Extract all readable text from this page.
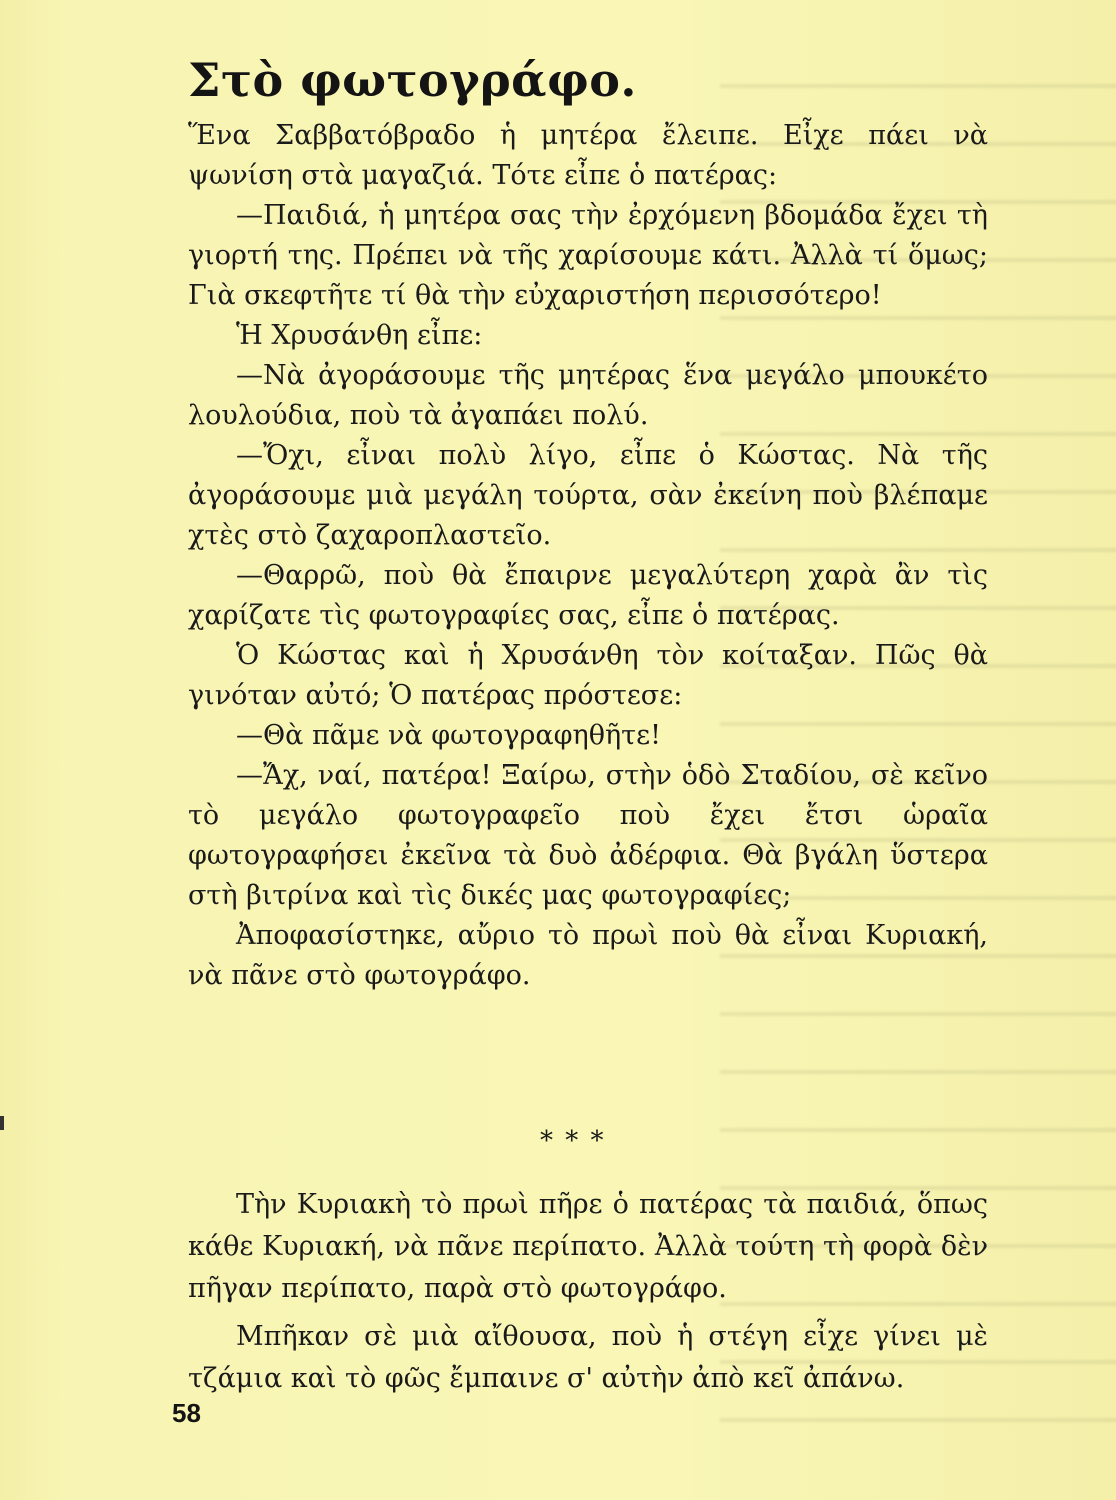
Στὸ φωτογράφο.

Ἕνα Σαββατόβραδο ἡ μητέρα ἔλειπε. Εἶχε πάει νὰ ψωνίση στὰ μαγαζιά. Τότε εἶπε ὁ πατέρας:

—Παιδιά, ἡ μητέρα σας τὴν ἐρχόμενη βδομάδα ἔχει τὴ γιορτή της. Πρέπει νὰ τῆς χαρίσουμε κάτι. Ἀλλὰ τί ὅμως; Γιὰ σκεφτῆτε τί θὰ τὴν εὐχαριστήση περισσότερο!

Ἡ Χρυσάνθη εἶπε:

—Νὰ ἀγοράσουμε τῆς μητέρας ἕνα μεγάλο μπουκέτο λουλούδια, ποὺ τὰ ἀγαπάει πολύ.

—Ὄχι, εἶναι πολὺ λίγο, εἶπε ὁ Κώστας. Νὰ τῆς ἀγοράσουμε μιὰ μεγάλη τούρτα, σὰν ἐκείνη ποὺ βλέπαμε χτὲς στὸ ζαχαροπλαστεῖο.

—Θαρρῶ, ποὺ θὰ ἔπαιρνε μεγαλύτερη χαρὰ ἂν τὶς χαρίζατε τὶς φωτογραφίες σας, εἶπε ὁ πατέρας.

Ὁ Κώστας καὶ ἡ Χρυσάνθη τὸν κοίταξαν. Πῶς θὰ γινόταν αὐτό; Ὁ πατέρας πρόστεσε:

—Θὰ πᾶμε νὰ φωτογραφηθῆτε!

—Ἄχ, ναί, πατέρα! Ξαίρω, στὴν ὁδὸ Σταδίου, σὲ κεῖνο τὸ μεγάλο φωτογραφεῖο ποὺ ἔχει ἔτσι ὡραῖα φωτογραφήσει ἐκεῖνα τὰ δυὸ ἀδέρφια. Θὰ βγάλη ὕστερα στὴ βιτρίνα καὶ τὶς δικές μας φωτογραφίες;

Ἀποφασίστηκε, αὔριο τὸ πρωὶ ποὺ θὰ εἶναι Κυριακή, νὰ πᾶνε στὸ φωτογράφο.

* * *

Τὴν Κυριακὴ τὸ πρωὶ πῆρε ὁ πατέρας τὰ παιδιά, ὅπως κάθε Κυριακή, νὰ πᾶνε περίπατο. Ἀλλὰ τούτη τὴ φορὰ δὲν πῆγαν περίπατο, παρὰ στὸ φωτογράφο.

Μπῆκαν σὲ μιὰ αἴθουσα, ποὺ ἡ στέγη εἶχε γίνει μὲ τζάμια καὶ τὸ φῶς ἔμπαινε σ' αὐτὴν ἀπὸ κεῖ ἀπάνω.

58
